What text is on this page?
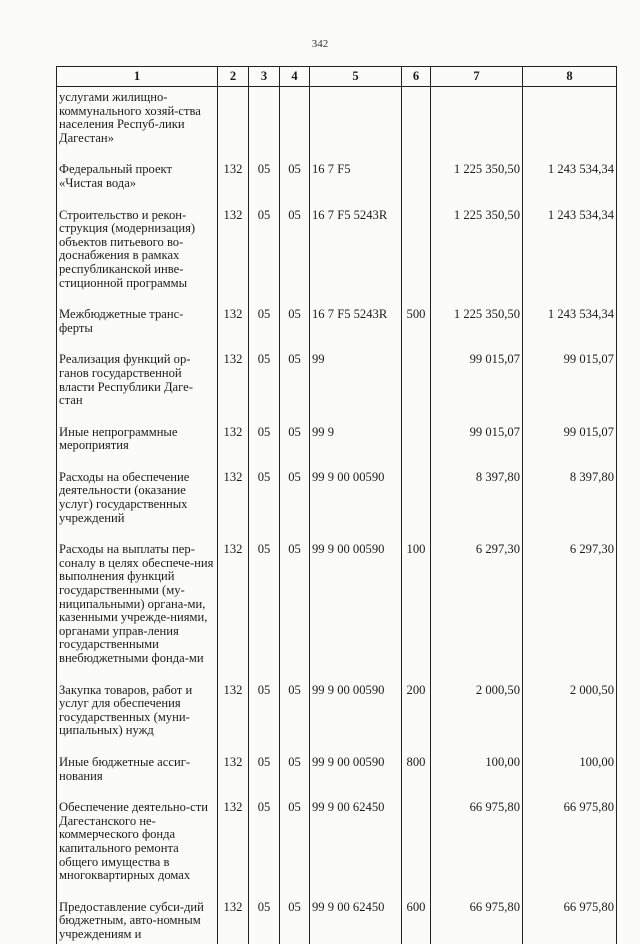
342
1	2	3	4	5	6	7	8
услугами жилищно-коммунального хозяй-ства населения Респуб-лики Дагестан»							
Федеральный проект «Чистая вода»	132	05	05	16 7 F5		1 225 350,50	1 243 534,34
Строительство и рекон-струкция (модернизация) объектов питьевого во-доснабжения в рамках республиканской инве-стиционной программы	132	05	05	16 7 F5 5243R		1 225 350,50	1 243 534,34
Межбюджетные транс-ферты	132	05	05	16 7 F5 5243R	500	1 225 350,50	1 243 534,34
Реализация функций ор-ганов государственной власти Республики Даге-стан	132	05	05	99		99 015,07	99 015,07
Иные непрограммные мероприятия	132	05	05	99 9		99 015,07	99 015,07
Расходы на обеспечение деятельности (оказание услуг) государственных учреждений	132	05	05	99 9 00 00590		8 397,80	8 397,80
Расходы на выплаты пер-соналу в целях обеспече-ния выполнения функций государственными (му-ниципальными) органа-ми, казенными учрежде-ниями, органами управ-ления государственными внебюджетными фонда-ми	132	05	05	99 9 00 00590	100	6 297,30	6 297,30
Закупка товаров, работ и услуг для обеспечения государственных (муни-ципальных) нужд	132	05	05	99 9 00 00590	200	2 000,50	2 000,50
Иные бюджетные ассиг-нования	132	05	05	99 9 00 00590	800	100,00	100,00
Обеспечение деятельно-сти Дагестанского не-коммерческого фонда капитального ремонта общего имущества в многоквартирных домах	132	05	05	99 9 00 62450		66 975,80	66 975,80
Предоставление субси-дий бюджетным, авто-номным учреждениям и	132	05	05	99 9 00 62450	600	66 975,80	66 975,80
